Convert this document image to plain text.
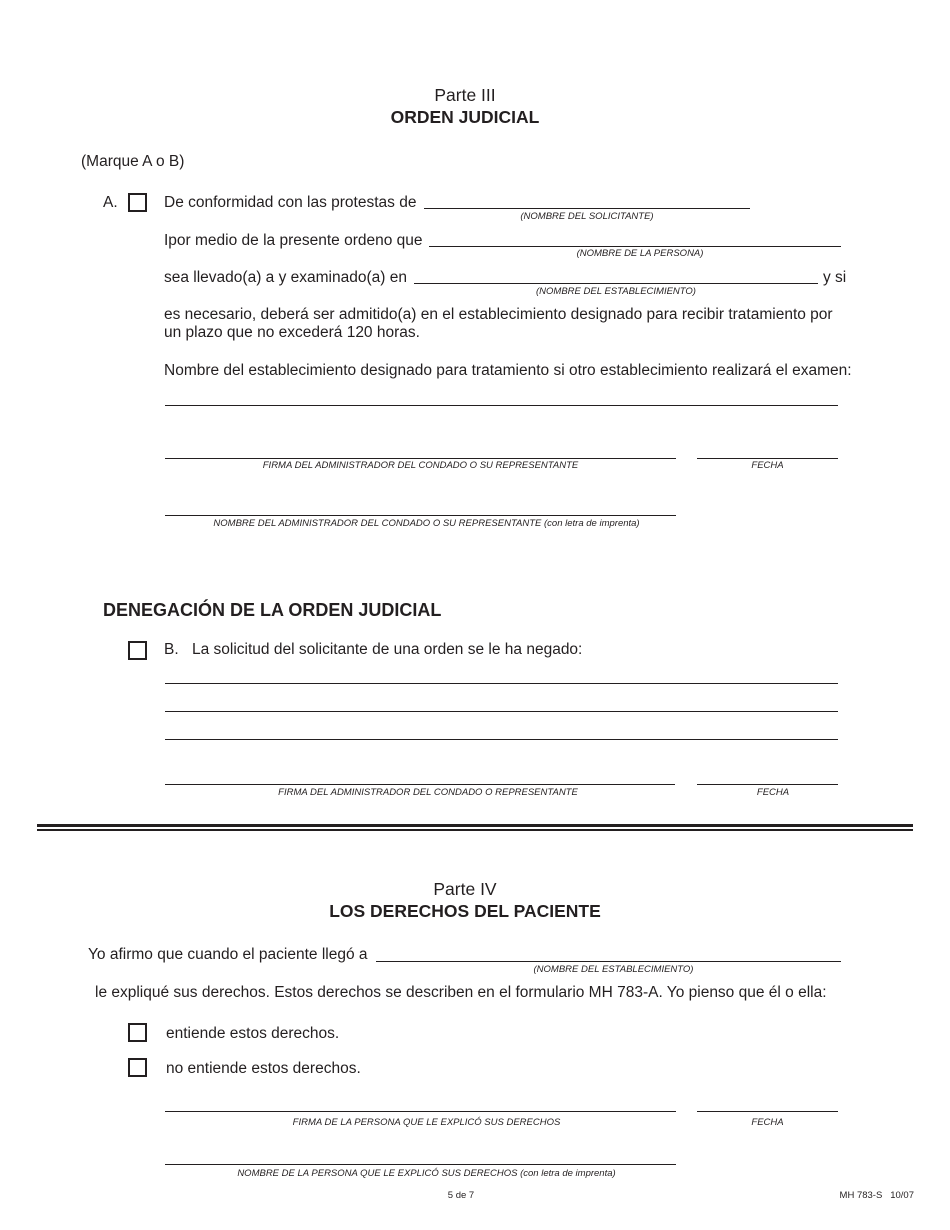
Parte III
ORDEN JUDICIAL
(Marque A o B)
A.	De conformidad con las protestas de
(NOMBRE DEL SOLICITANTE)
Ipor medio de la presente ordeno que
(NOMBRE DE LA PERSONA)
sea llevado(a) a y examinado(a) en	y si
(NOMBRE DEL ESTABLECIMIENTO)
es necesario, deberá ser admitido(a) en el establecimiento designado para recibir tratamiento por
un plazo que no excederá 120 horas.
Nombre del establecimiento designado para tratamiento si otro establecimiento realizará el examen:
FIRMA DEL ADMINISTRADOR DEL CONDADO O SU REPRESENTANTE	FECHA
NOMBRE DEL ADMINISTRADOR DEL CONDADO O SU REPRESENTANTE (con letra de imprenta)
DENEGACIÓN DE LA ORDEN JUDICIAL
B. La solicitud del solicitante de una orden se le ha negado:
FIRMA DEL ADMINISTRADOR DEL CONDADO O REPRESENTANTE	FECHA
Parte IV
LOS DERECHOS DEL PACIENTE
Yo afirmo que cuando el paciente llegó a
(NOMBRE DEL ESTABLECIMIENTO)
le expliqué sus derechos. Estos derechos se describen en el formulario MH 783-A. Yo pienso que él o ella:
entiende estos derechos.
no entiende estos derechos.
FIRMA DE LA PERSONA QUE LE EXPLICÓ SUS DERECHOS	FECHA
NOMBRE DE LA PERSONA QUE LE EXPLICÓ SUS DERECHOS (con letra de imprenta)
5 de 7	MH 783-S   10/07
